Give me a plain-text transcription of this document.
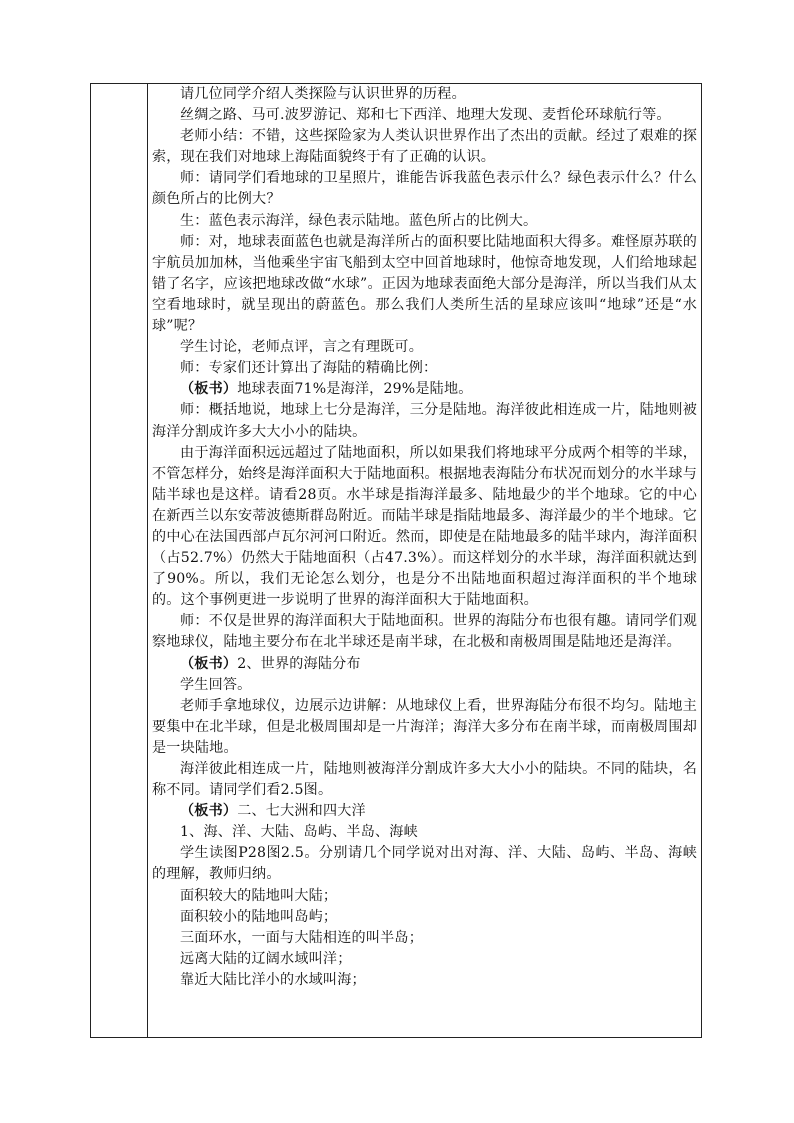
请几位同学介绍人类探险与认识世界的历程。

丝绸之路、马可.波罗游记、郑和七下西洋、地理大发现、麦哲伦环球航行等。

老师小结：不错，这些探险家为人类认识世界作出了杰出的贡献。经过了艰难的探索，现在我们对地球上海陆面貌终于有了正确的认识。

师：请同学们看地球的卫星照片，谁能告诉我蓝色表示什么？绿色表示什么？什么颜色所占的比例大？

生：蓝色表示海洋，绿色表示陆地。蓝色所占的比例大。

师：对，地球表面蓝色也就是海洋所占的面积要比陆地面积大得多。难怪原苏联的宇航员加加林，当他乘坐宇宙飞船到太空中回首地球时，他惊奇地发现，人们给地球起错了名字，应该把地球改做“水球”。正因为地球表面绝大部分是海洋，所以当我们从太空看地球时，就呈现出的蔚蓝色。那么我们人类所生活的星球应该叫“地球”还是“水球”呢？

学生讨论，老师点评，言之有理既可。

师：专家们还计算出了海陆的精确比例：

（板书）地球表面71%是海洋，29%是陆地。

师：概括地说，地球上七分是海洋，三分是陆地。海洋彼此相连成一片，陆地则被海洋分割成许多大大小小的陆块。

由于海洋面积远远超过了陆地面积，所以如果我们将地球平分成两个相等的半球，不管怎样分，始终是海洋面积大于陆地面积。根据地表海陆分布状况而划分的水半球与陆半球也是这样。请看28页。水半球是指海洋最多、陆地最少的半个地球。它的中心在新西兰以东安蒂波德斯群岛附近。而陆半球是指陆地最多、海洋最少的半个地球。它的中心在法国西部卢瓦尔河河口附近。然而，即使是在陆地最多的陆半球内，海洋面积（占52.7%）仍然大于陆地面积（占47.3%）。而这样划分的水半球，海洋面积就达到了90%。所以，我们无论怎么划分，也是分不出陆地面积超过海洋面积的半个地球的。这个事例更进一步说明了世界的海洋面积大于陆地面积。

师：不仅是世界的海洋面积大于陆地面积。世界的海陆分布也很有趣。请同学们观察地球仪，陆地主要分布在北半球还是南半球，在北极和南极周围是陆地还是海洋。

（板书）2、世界的海陆分布

学生回答。

老师手拿地球仪，边展示边讲解：从地球仪上看，世界海陆分布很不均匀。陆地主要集中在北半球，但是北极周围却是一片海洋；海洋大多分布在南半球，而南极周围却是一块陆地。

海洋彼此相连成一片，陆地则被海洋分割成许多大大小小的陆块。不同的陆块，名称不同。请同学们看2.5图。

（板书）二、七大洲和四大洋

1、海、洋、大陆、岛屿、半岛、海峡

学生读图P28图2.5。分别请几个同学说对出对海、洋、大陆、岛屿、半岛、海峡的理解，教师归纳。

面积较大的陆地叫大陆；

面积较小的陆地叫岛屿；

三面环水，一面与大陆相连的叫半岛；

远离大陆的辽阔水域叫洋；

靠近大陆比洋小的水域叫海；
